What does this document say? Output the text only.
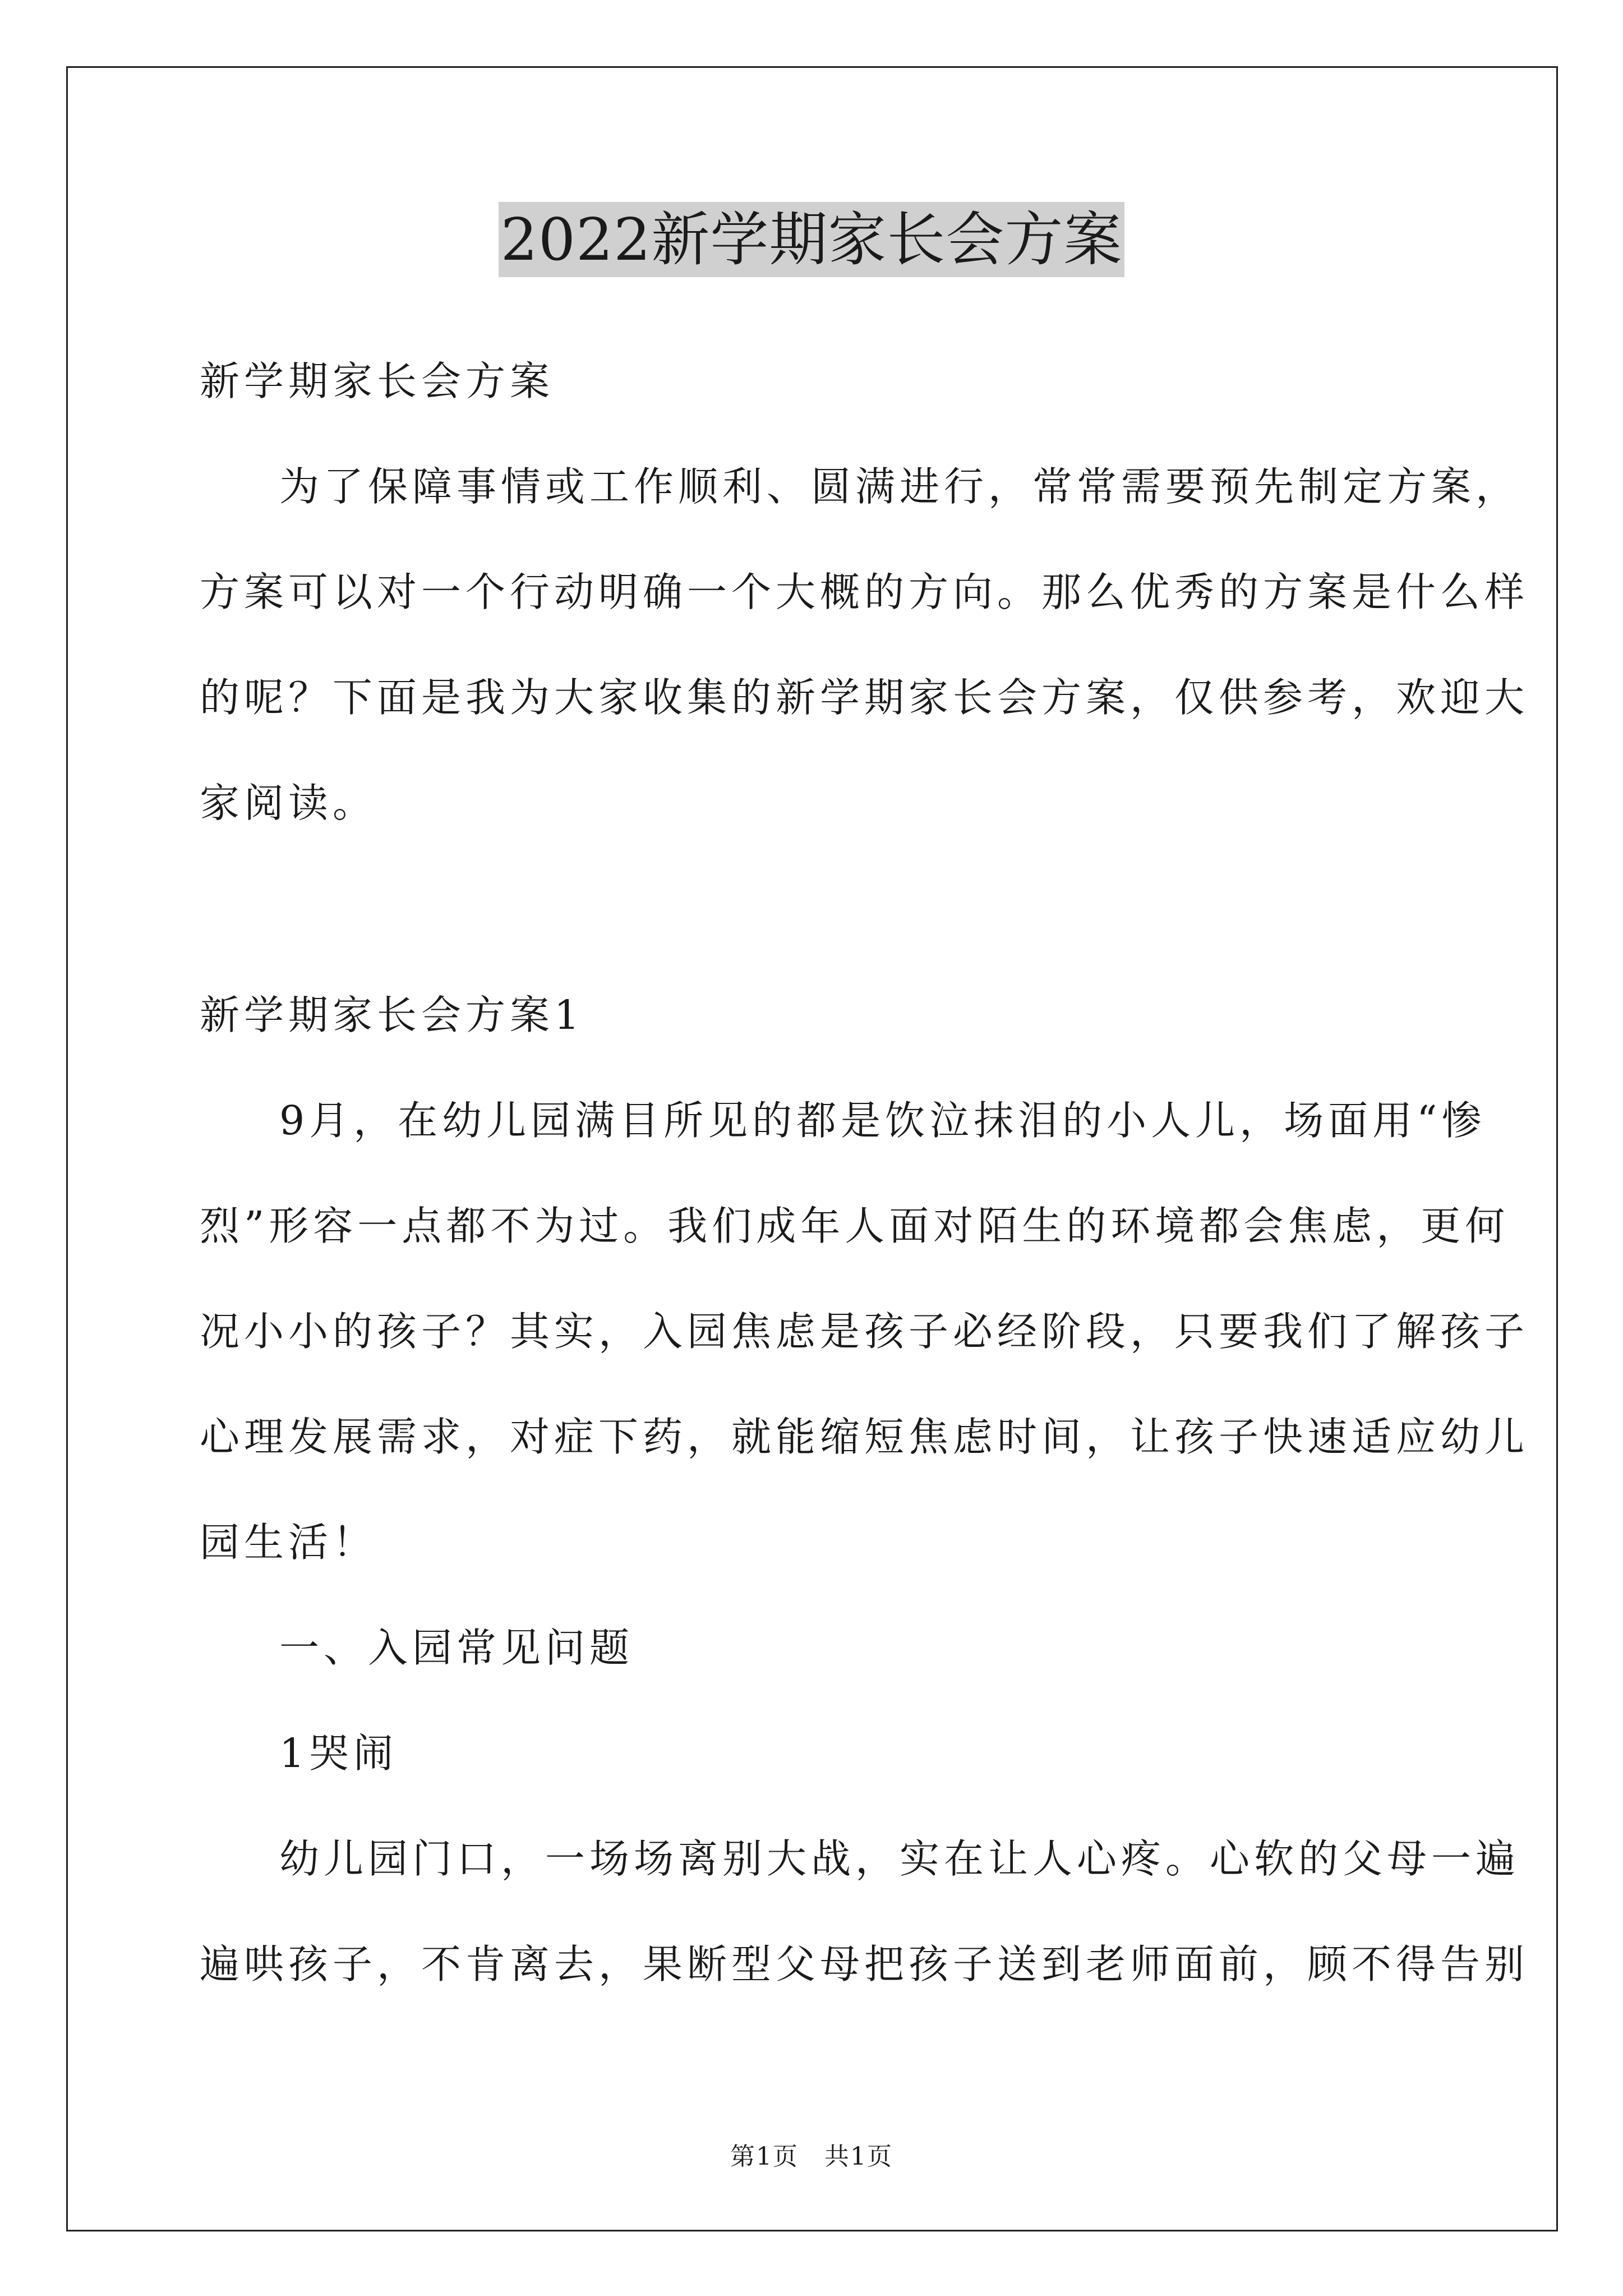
2022新学期家长会方案
新学期家长会方案
为了保障事情或工作顺利、圆满进行，常常需要预先制定方案，
方案可以对一个行动明确一个大概的方向。那么优秀的方案是什么样
的呢？下面是我为大家收集的新学期家长会方案，仅供参考，欢迎大
家阅读。
新学期家长会方案1
9月，在幼儿园满目所见的都是饮泣抹泪的小人儿，场面用“惨
烈”形容一点都不为过。我们成年人面对陌生的环境都会焦虑，更何
况小小的孩子？其实，入园焦虑是孩子必经阶段，只要我们了解孩子
心理发展需求，对症下药，就能缩短焦虑时间，让孩子快速适应幼儿
园生活！
一、入园常见问题
1哭闹
幼儿园门口，一场场离别大战，实在让人心疼。心软的父母一遍
遍哄孩子，不肯离去，果断型父母把孩子送到老师面前，顾不得告别
第1页　共1页
